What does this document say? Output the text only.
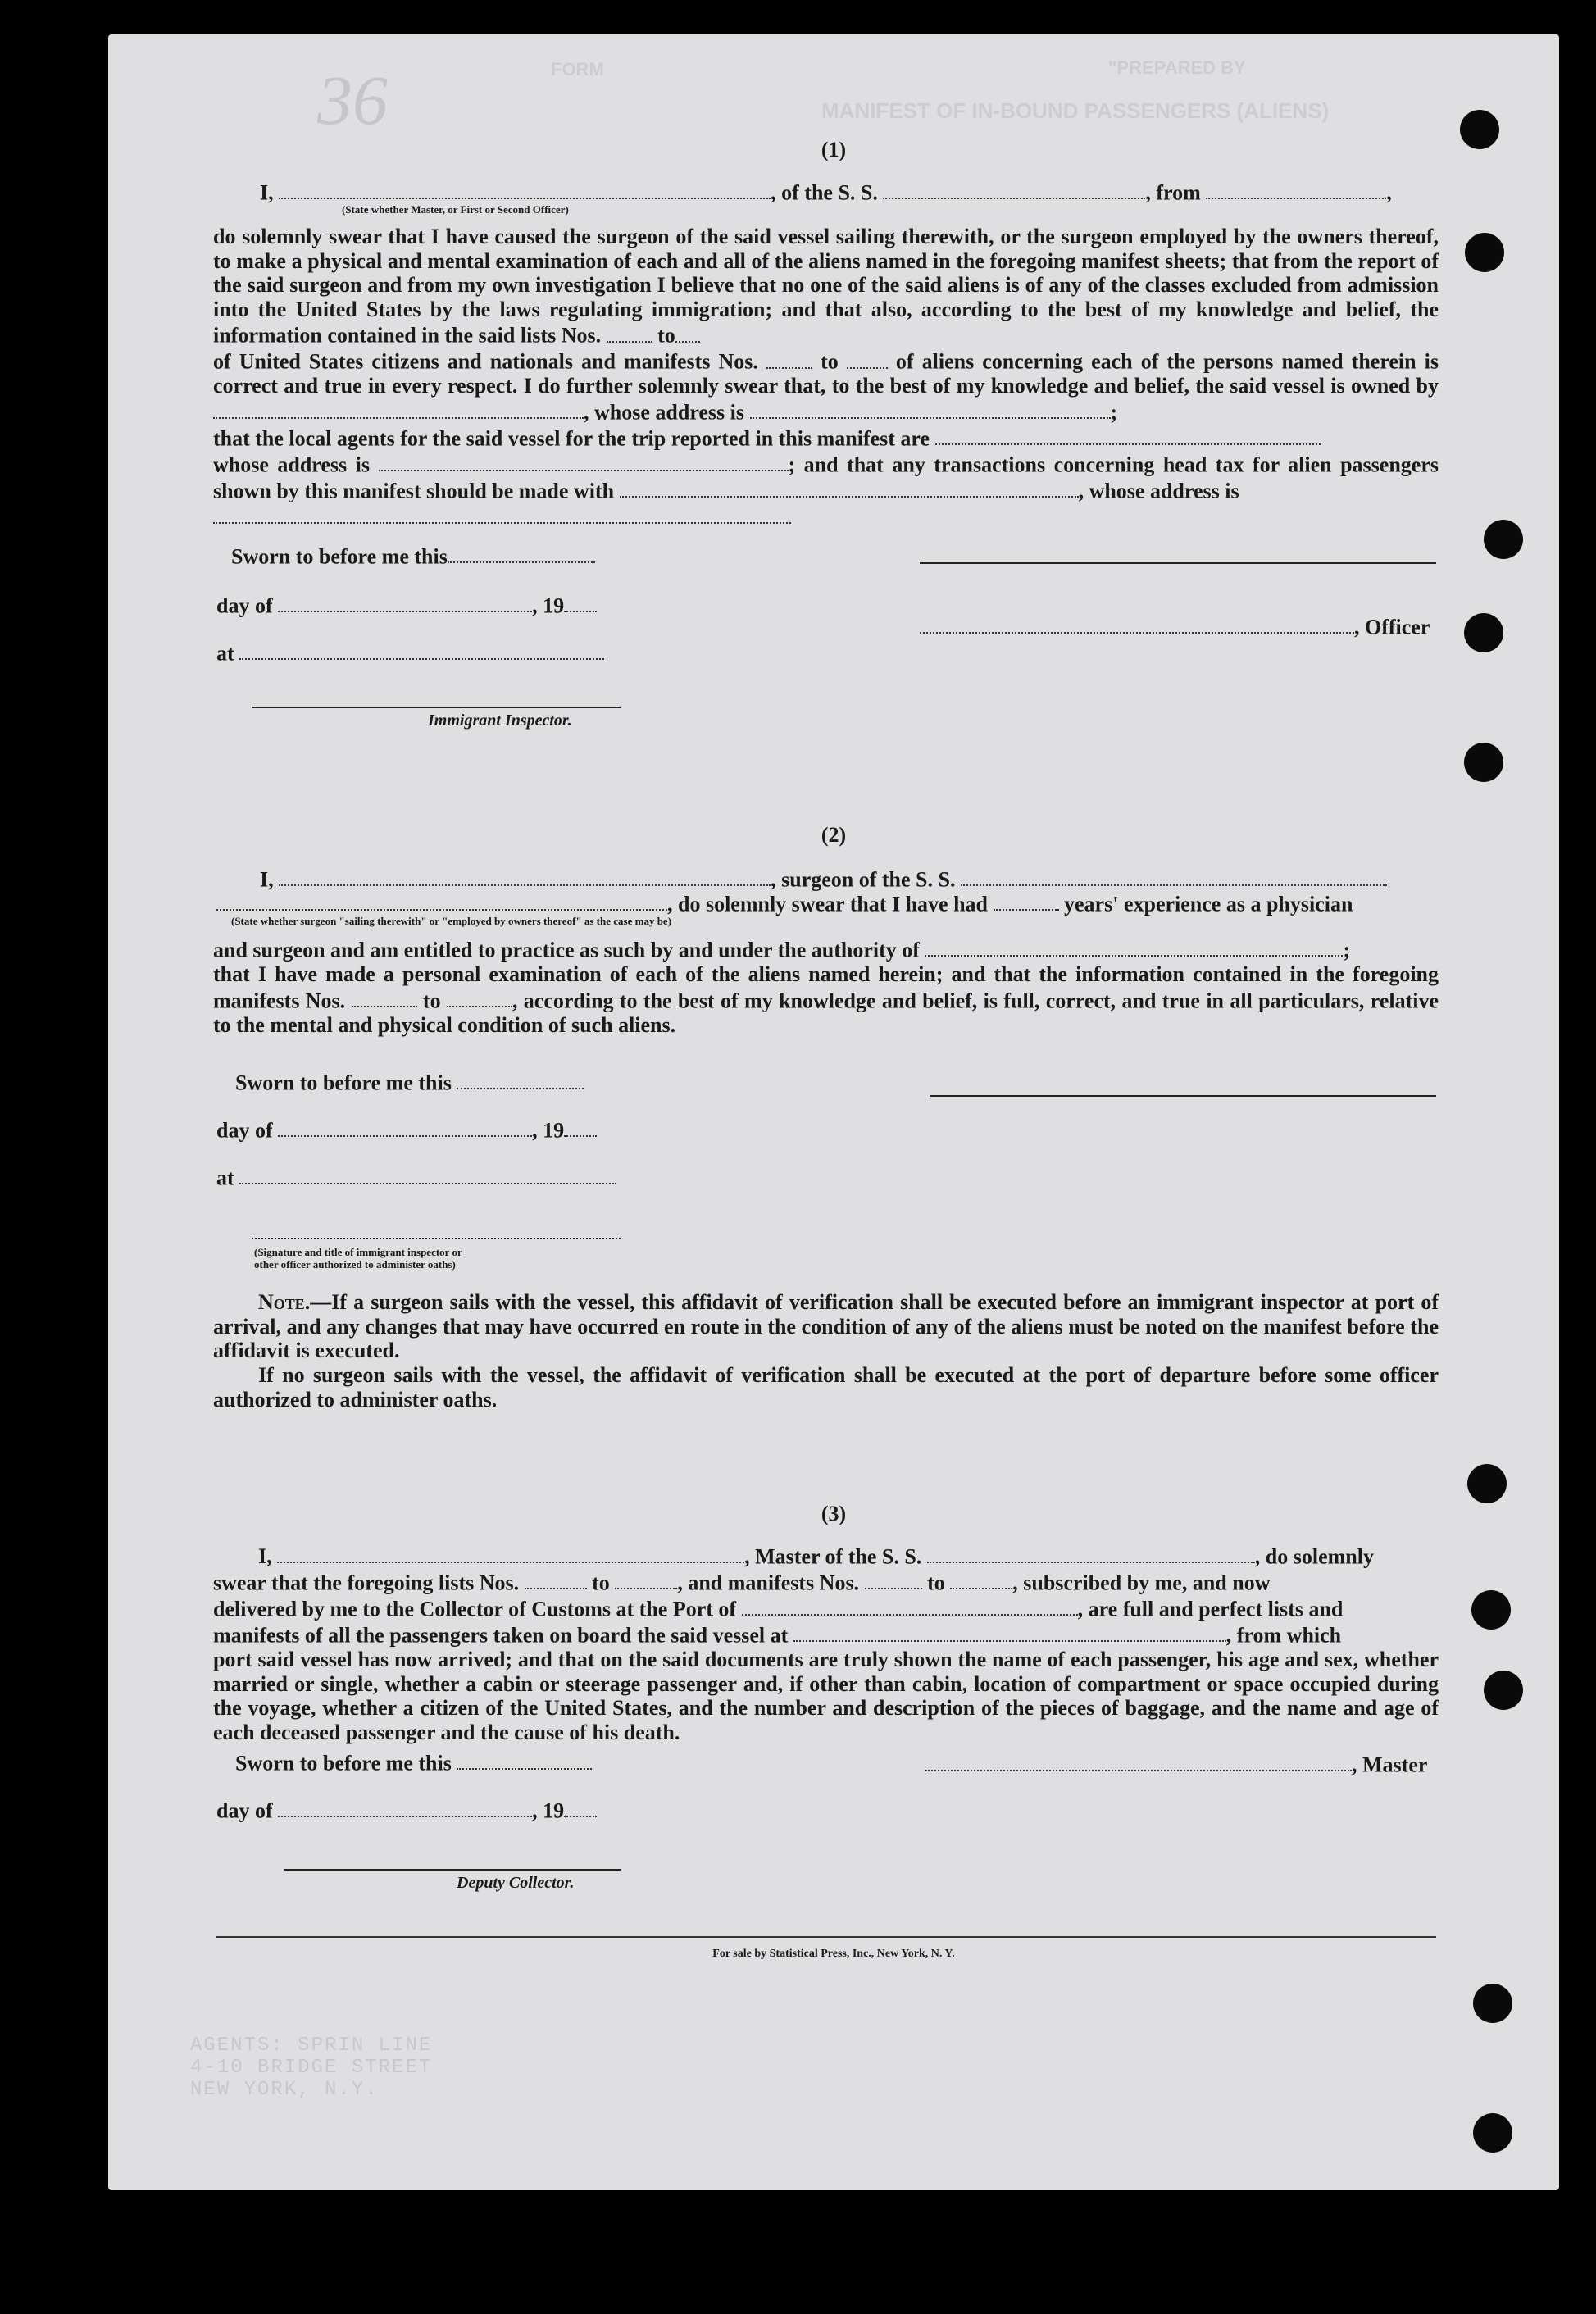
36	"PREPARED BY
FORM
MANIFEST OF IN-BOUND PASSENGERS (ALIENS)
(1)
I,	, of the S. S.	, from	,
(State whether Master, or First or Second Officer)
do solemnly swear that I have caused the surgeon of the said vessel sailing therewith, or the surgeon employed by the owners thereof, to make a physical and mental examination of each and all of the aliens named in the foregoing manifest sheets; that from the report of the said surgeon and from my own investigation I believe that no one of the said aliens is of any of the classes excluded from admission into the United States by the laws regulating immigration; and that also, according to the best of my knowledge and belief, the information contained in the said lists Nos.	to
of United States citizens and nationals and manifests Nos.	to	of aliens concerning each of the persons named therein is correct and true in every respect. I do further solemnly swear that, to the best of my knowledge and belief, the said vessel is owned by , whose address is	;
that the local agents for the said vessel for the trip reported in this manifest are
whose address is	; and that any transactions concerning head tax for alien passengers shown by this manifest should be made with	, whose address is

Sworn to before me this
day of	, 19
at
Immigrant Inspector.
, Officer
(2)
I,	, surgeon of the S. S.
, do solemnly swear that I have had	years' experience as a physician
(State whether surgeon "sailing therewith" or "employed by owners thereof" as the case may be)
and surgeon and am entitled to practice as such by and under the authority of	;
that I have made a personal examination of each of the aliens named herein; and that the information contained in the foregoing manifests Nos.	to	, according to the best of my knowledge and belief, is full, correct, and true in all particulars, relative to the mental and physical condition of such aliens.
Sworn to before me this
day of	, 19
at
(Signature and title of immigrant inspector or
other officer authorized to administer oaths)
Note.—If a surgeon sails with the vessel, this affidavit of verification shall be executed before an immigrant inspector at port of arrival, and any changes that may have occurred en route in the condition of any of the aliens must be noted on the manifest before the affidavit is executed.
If no surgeon sails with the vessel, the affidavit of verification shall be executed at the port of departure before some officer authorized to administer oaths.
(3)
I,	, Master of the S. S.	, do solemnly
swear that the foregoing lists Nos.	to	, and manifests Nos.	to	, subscribed by me, and now
delivered by me to the Collector of Customs at the Port of	, are full and perfect lists and
manifests of all the passengers taken on board the said vessel at	, from which
port said vessel has now arrived; and that on the said documents are truly shown the name of each passenger, his age and sex, whether married or single, whether a cabin or steerage passenger and, if other than cabin, location of compartment or space occupied during the voyage, whether a citizen of the United States, and the number and description of the pieces of baggage, and the name and age of each deceased passenger and the cause of his death.
Sworn to before me this	, Master
day of	, 19
Deputy Collector.
For sale by Statistical Press, Inc., New York, N. Y.
AGENTS: SPRIN LINE
4-10 BRIDGE STREET
NEW YORK, N.Y.
